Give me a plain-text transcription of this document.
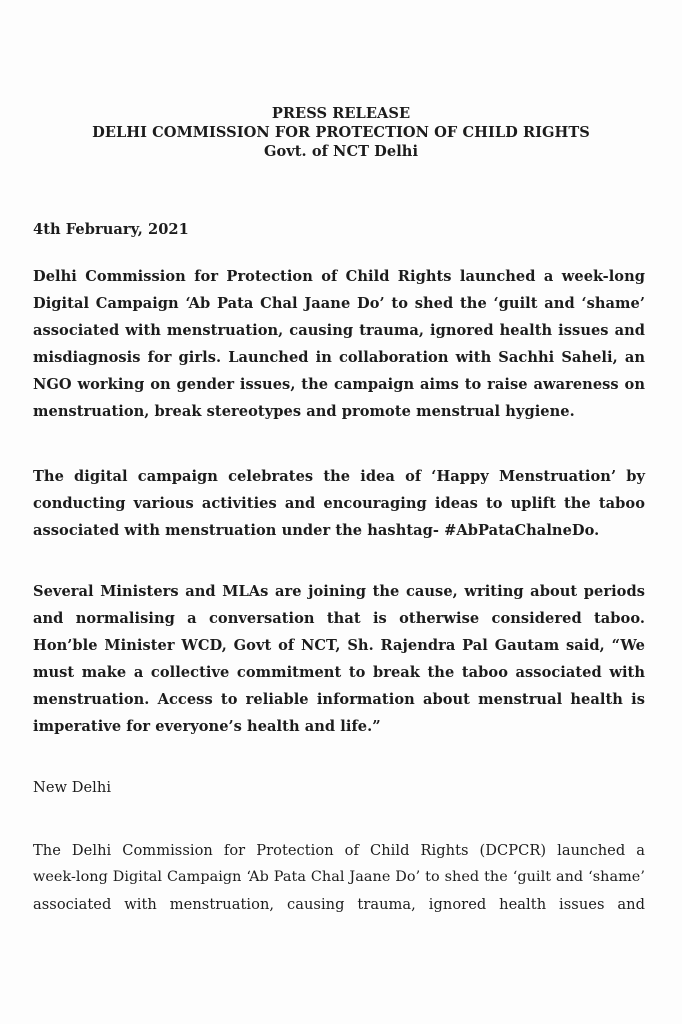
PRESS RELEASE
DELHI COMMISSION FOR PROTECTION OF CHILD RIGHTS
Govt. of NCT Delhi
4th February, 2021
Delhi Commission for Protection of Child Rights launched a week-long
Digital Campaign ‘Ab Pata Chal Jaane Do’ to shed the ‘guilt and ‘shame’
associated with menstruation, causing trauma, ignored health issues and
misdiagnosis for girls. Launched in collaboration with Sachhi Saheli, an
NGO working on gender issues, the campaign aims to raise awareness on
menstruation, break stereotypes and promote menstrual hygiene.
The digital campaign celebrates the idea of ‘Happy Menstruation’ by
conducting various activities and encouraging ideas to uplift the taboo
associated with menstruation under the hashtag- #AbPataChalneDo.
Several Ministers and MLAs are joining the cause, writing about periods
and normalising a conversation that is otherwise considered taboo.
Hon’ble Minister WCD, Govt of NCT, Sh. Rajendra Pal Gautam said, “We
must make a collective commitment to break the taboo associated with
menstruation. Access to reliable information about menstrual health is
imperative for everyone’s health and life.”
New Delhi
The Delhi Commission for Protection of Child Rights (DCPCR) launched a
week-long Digital Campaign ‘Ab Pata Chal Jaane Do’ to shed the ‘guilt and ‘shame’
associated with menstruation, causing trauma, ignored health issues and
